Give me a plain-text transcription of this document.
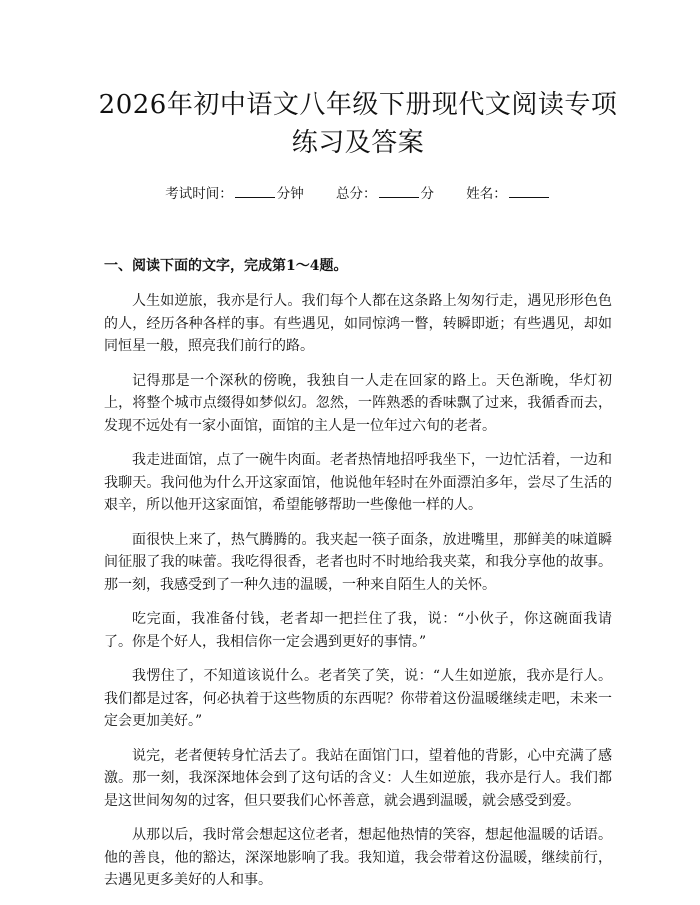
2026年初中语文八年级下册现代文阅读专项练习及答案
考试时间：	分钟 总分：	分 姓名：
一、阅读下面的文字，完成第1～4题。

人生如逆旅，我亦是行人。我们每个人都在这条路上匆匆行走，遇见形形色色的人，经历各种各样的事。有些遇见，如同惊鸿一瞥，转瞬即逝；有些遇见，却如同恒星一般，照亮我们前行的路。

记得那是一个深秋的傍晚，我独自一人走在回家的路上。天色渐晚，华灯初上，将整个城市点缀得如梦似幻。忽然，一阵熟悉的香味飘了过来，我循香而去，发现不远处有一家小面馆，面馆的主人是一位年过六旬的老者。

我走进面馆，点了一碗牛肉面。老者热情地招呼我坐下，一边忙活着，一边和我聊天。我问他为什么开这家面馆，他说他年轻时在外面漂泊多年，尝尽了生活的艰辛，所以他开这家面馆，希望能够帮助一些像他一样的人。

面很快上来了，热气腾腾的。我夹起一筷子面条，放进嘴里，那鲜美的味道瞬间征服了我的味蕾。我吃得很香，老者也时不时地给我夹菜，和我分享他的故事。那一刻，我感受到了一种久违的温暖，一种来自陌生人的关怀。

吃完面，我准备付钱，老者却一把拦住了我，说：“小伙子，你这碗面我请了。你是个好人，我相信你一定会遇到更好的事情。”

我愣住了，不知道该说什么。老者笑了笑，说：“人生如逆旅，我亦是行人。我们都是过客，何必执着于这些物质的东西呢？你带着这份温暖继续走吧，未来一定会更加美好。”

说完，老者便转身忙活去了。我站在面馆门口，望着他的背影，心中充满了感激。那一刻，我深深地体会到了这句话的含义：人生如逆旅，我亦是行人。我们都是这世间匆匆的过客，但只要我们心怀善意，就会遇到温暖，就会感受到爱。

从那以后，我时常会想起这位老者，想起他热情的笑容，想起他温暖的话语。他的善良，他的豁达，深深地影响了我。我知道，我会带着这份温暖，继续前行，去遇见更多美好的人和事。
